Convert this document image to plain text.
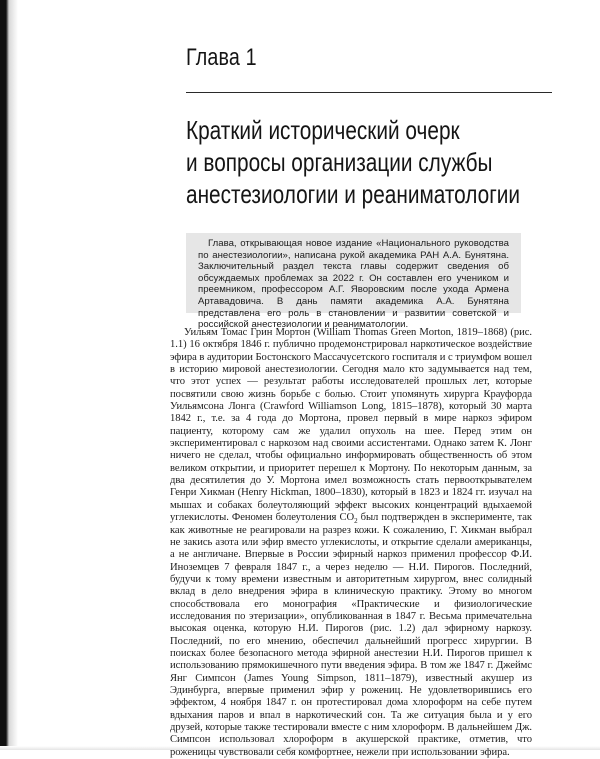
Глава 1
Краткий исторический очерк
и вопросы организации службы
анестезиологии и реаниматологии
Глава, открывающая новое издание «Национального руководства по анестезиологии», написана рукой академика РАН А.А. Бунятяна. Заключительный раздел текста главы содержит сведения об обсуждаемых проблемах за 2022 г. Он составлен его учеником и преемником, профессором А.Г. Яворовским после ухода Армена Артавадовича. В дань памяти академика А.А. Бунятяна представлена его роль в становлении и развитии советской и российской анестезиологии и реаниматологии.

Уильям Томас Грин Мортон (William Thomas Green Morton, 1819–1868) (рис. 1.1) 16 октября 1846 г. публично продемонстрировал наркотическое воздействие эфира в аудитории Бостонского Массачусетского госпиталя и с триумфом вошел в историю мировой анестезиологии. Сегодня мало кто задумывается над тем, что этот успех — результат работы исследователей прошлых лет, которые посвятили свою жизнь борьбе с болью. Стоит упомянуть хирурга Крауфорда Уильямсона Лонга (Crawford Williamson Long, 1815–1878), который 30 марта 1842 г., т.е. за 4 года до Мортона, провел первый в мире наркоз эфиром пациенту, которому сам же удалил опухоль на шее. Перед этим он экспериментировал с наркозом над своими ассистентами. Однако затем К. Лонг ничего не сделал, чтобы официально информировать общественность об этом великом открытии, и приоритет перешел к Мортону. По некоторым данным, за два десятилетия до У. Мортона имел возможность стать первооткрывателем Генри Хикман (Henry Hickman, 1800–1830), который в 1823 и 1824 гг. изучал на мышах и собаках болеутоляющий эффект высоких концентраций вдыхаемой углекислоты. Феномен болеутоления $CO_2$ был подтвержден в эксперименте, так как животные не реагировали на разрез кожи. К сожалению, Г. Хикман выбрал не закись азота или эфир вместо углекислоты, и открытие сделали американцы, а не англичане. Впервые в России эфирный наркоз применил профессор Ф.И. Иноземцев 7 февраля 1847 г., а через неделю — Н.И. Пирогов. Последний, будучи к тому времени известным и авторитетным хирургом, внес солидный вклад в дело внедрения эфира в клиническую практику. Этому во многом способствовала его монография «Практические и физиологические исследования по этеризации», опубликованная в 1847 г. Весьма примечательна высокая оценка, которую Н.И. Пирогов (рис. 1.2) дал эфирному наркозу. Последний, по его мнению, обеспечил дальнейший прогресс хирургии. В поисках более безопасного метода эфирной анестезии Н.И. Пирогов пришел к использованию прямокишечного пути введения эфира. В том же 1847 г. Джеймс Янг Симпсон (James Young Simpson, 1811–1879), известный акушер из Эдинбурга, впервые применил эфир у рожениц. Не удовлетворившись его эффектом, 4 ноября 1847 г. он протестировал дома хлороформ на себе путем вдыхания паров и впал в наркотический сон. Та же ситуация была и у его друзей, которые также тестировали вместе с ним хлороформ. В дальнейшем Дж. Симпсон использовал хлороформ в акушерской практике, отметив, что роженицы чувствовали себя комфортнее, нежели при использовании эфира.
